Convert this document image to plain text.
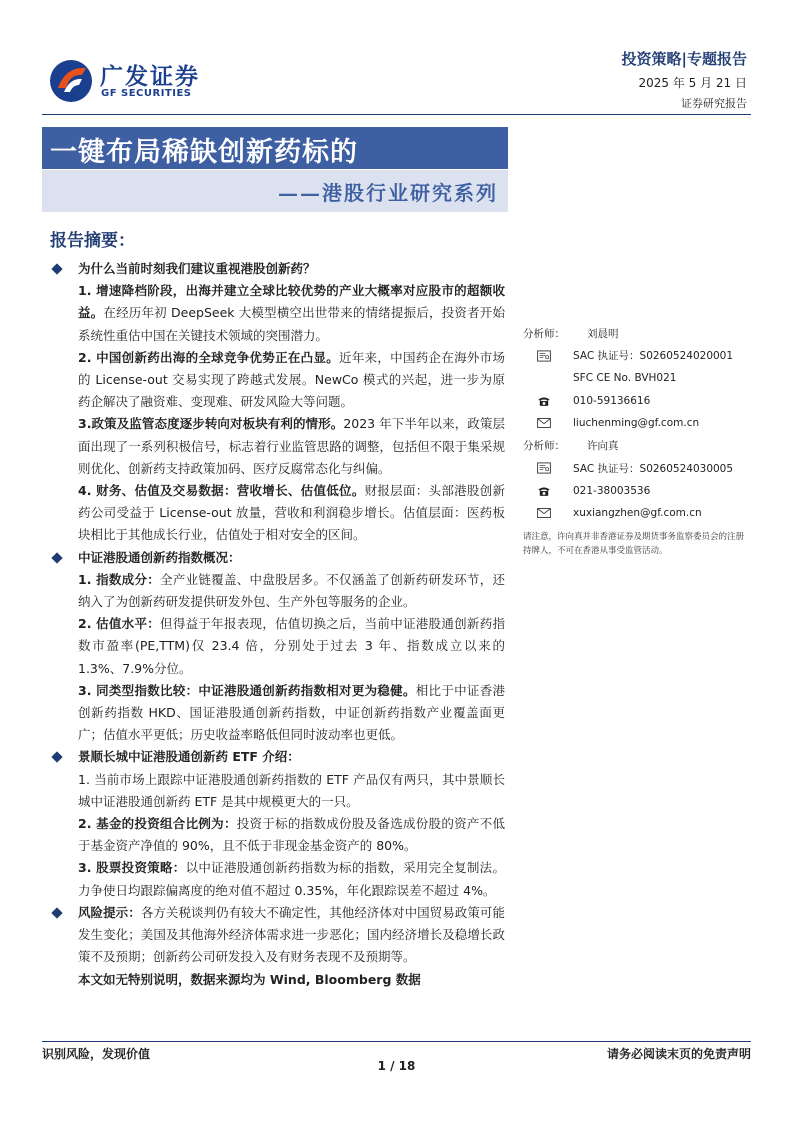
广发证券
GF SECURITIES
投资策略|专题报告
2025 年 5 月 21 日
证券研究报告
一键布局稀缺创新药标的
——港股行业研究系列
报告摘要：
为什么当前时刻我们建议重视港股创新药？
1. 增速降档阶段，出海并建立全球比较优势的产业大概率对应股市的超额收益。在经历年初 DeepSeek 大模型横空出世带来的情绪提振后，投资者开始系统性重估中国在关键技术领域的突围潜力。
2. 中国创新药出海的全球竞争优势正在凸显。近年来，中国药企在海外市场的 License-out 交易实现了跨越式发展。NewCo 模式的兴起，进一步为原药企解决了融资难、变现难、研发风险大等问题。
3.政策及监管态度逐步转向对板块有利的情形。2023 年下半年以来，政策层面出现了一系列积极信号，标志着行业监管思路的调整，包括但不限于集采规则优化、创新药支持政策加码、医疗反腐常态化与纠偏。
4. 财务、估值及交易数据：营收增长、估值低位。财报层面：头部港股创新药公司受益于 License-out 放量，营收和利润稳步增长。估值层面：医药板块相比于其他成长行业，估值处于相对安全的区间。
中证港股通创新药指数概况：
1. 指数成分：全产业链覆盖、中盘股居多。不仅涵盖了创新药研发环节，还纳入了为创新药研发提供研发外包、生产外包等服务的企业。
2. 估值水平：但得益于年报表现，估值切换之后，当前中证港股通创新药指数市盈率(PE,TTM)仅 23.4 倍，分别处于过去 3 年、指数成立以来的 1.3%、7.9%分位。
3. 同类型指数比较：中证港股通创新药指数相对更为稳健。相比于中证香港创新药指数 HKD、国证港股通创新药指数，中证创新药指数产业覆盖面更广；估值水平更低；历史收益率略低但同时波动率也更低。
景顺长城中证港股通创新药 ETF 介绍：
1. 当前市场上跟踪中证港股通创新药指数的 ETF 产品仅有两只，其中景顺长城中证港股通创新药 ETF 是其中规模更大的一只。
2. 基金的投资组合比例为：投资于标的指数成份股及备选成份股的资产不低于基金资产净值的 90%，且不低于非现金基金资产的 80%。
3. 股票投资策略：以中证港股通创新药指数为标的指数，采用完全复制法。力争使日均跟踪偏离度的绝对值不超过 0.35%，年化跟踪误差不超过 4%。
风险提示：各方关税谈判仍有较大不确定性，其他经济体对中国贸易政策可能发生变化；美国及其他海外经济体需求进一步恶化；国内经济增长及稳增长政策不及预期；创新药公司研发投入及有财务表现不及预期等。
本文如无特别说明，数据来源均为 Wind, Bloomberg 数据
分析师：	刘晨明
SAC 执证号：S0260524020001
SFC CE No. BVH021
010-59136616
liuchenming@gf.com.cn
分析师：	许向真
SAC 执证号：S0260524030005
021-38003536
xuxiangzhen@gf.com.cn
请注意，许向真并非香港证券及期货事务监察委员会的注册持牌人，不可在香港从事受监管活动。
识别风险，发现价值	请务必阅读末页的免责声明
1 / 18
